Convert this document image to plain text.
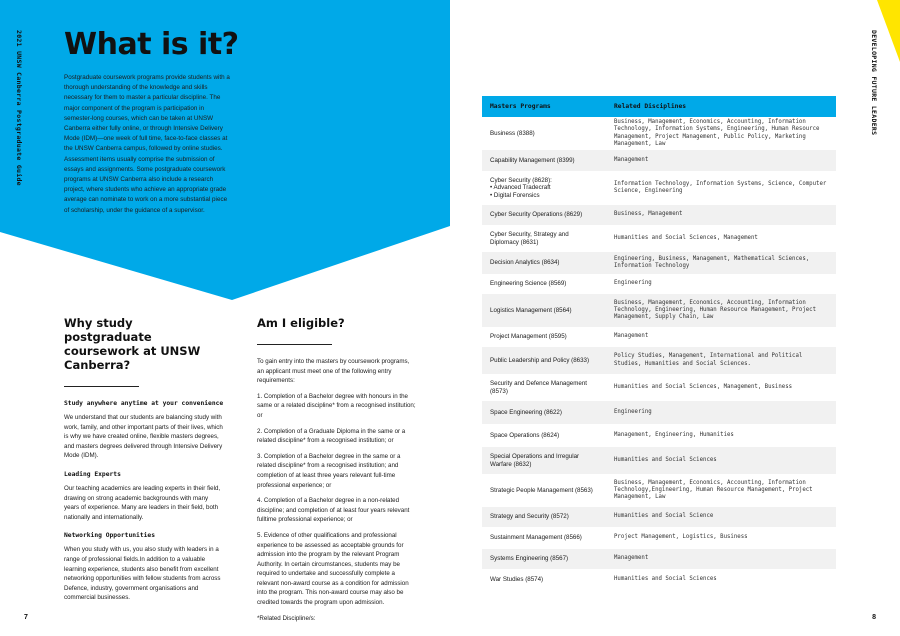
2021 UNSW Canberra Postgraduate Guide What is it?

Postgraduate coursework programs provide students with a thorough understanding of the knowledge and skills necessary for them to master a particular discipline. The major component of the program is participation in semester-long courses, which can be taken at UNSW Canberra either fully online, or through Intensive Delivery Mode (IDM)—one week of full time, face-to-face classes at the UNSW Canberra campus, followed by online studies. Assessment items usually comprise the submission of essays and assignments. Some postgraduate coursework programs at UNSW Canberra also include a research project, where students who achieve an appropriate grade average can nominate to work on a more substantial piece of scholarship, under the guidance of a supervisor.

Why study postgraduate coursework at UNSW Canberra?
Study anywhere anytime at your convenience

We understand that our students are balancing study with work, family, and other important parts of their lives, which is why we have created online, flexible masters degrees, and masters degrees delivered through Intensive Delivery Mode (IDM).

Leading Experts

Our teaching academics are leading experts in their field, drawing on strong academic backgrounds with many years of experience. Many are leaders in their field, both nationally and internationally.

Networking Opportunities

When you study with us, you also study with leaders in a range of professional fields.In addition to a valuable learning experience, students also benefit from excellent networking opportunities with fellow students from across Defence, industry, government organisations and commercial businesses.

Am I eligible?

To gain entry into the masters by coursework programs, an applicant must meet one of the following entry requirements:

1. Completion of a Bachelor degree with honours in the same or a related discipline* from a recognised institution; or

2. Completion of a Graduate Diploma in the same or a related discipline* from a recognised institution; or

3. Completion of a Bachelor degree in the same or a related discipline* from a recognised institution; and completion of at least three years relevant full-time professional experience; or

4. Completion of a Bachelor degree in a non-related discipline; and completion of at least four years relevant fulltime professional experience; or

5. Evidence of other qualifications and professional experience to be assessed as acceptable grounds for admission into the program by the relevant Program Authority. In certain circumstances, students may be required to undertake and successfully complete a relevant non-award course as a condition for admission into the program. This non-award course may also be credited towards the program upon admission.

*Related Discipline/s:

7
DEVELOPING FUTURE LEADERS
Masters Programs	Related Disciplines
Business (8388)	Business, Management, Economics, Accounting, Information Technology, Information Systems, Engineering, Human Resource Management, Project Management, Public Policy, Marketing Management, Law
Capability Management (8399)	Management
Cyber Security (8628):
• Advanced Tradecraft
• Digital Forensics	Information Technology, Information Systems, Science, Computer Science, Engineering
Cyber Security Operations (8629)	Business, Management
Cyber Security, Strategy and Diplomacy (8631)	Humanities and Social Sciences, Management
Decision Analytics (8634)	Engineering, Business, Management, Mathematical Sciences, Information Technology
Engineering Science (8569)	Engineering
Logistics Management (8564)	Business, Management, Economics, Accounting, Information Technology, Engineering, Human Resource Management, Project Management, Supply Chain, Law
Project Management (8595)	Management
Public Leadership and Policy (8633)	Policy Studies, Management, International and Political Studies, Humanities and Social Sciences.
Security and Defence Management (8573)	Humanities and Social Sciences, Management, Business
Space Engineering (8622)	Engineering
Space Operations (8624)	Management, Engineering, Humanities
Special Operations and Irregular Warfare (8632)	Humanities and Social Sciences
Strategic People Management (8563)	Business, Management, Economics, Accounting, Information Technology,Engineering, Human Resource Management, Project Management, Law
Strategy and Security (8572)	Humanities and Social Science
Sustainment Management (8566)	Project Management, Logistics, Business
Systems Engineering (8567)	Management
War Studies (8574)	Humanities and Social Sciences
8
